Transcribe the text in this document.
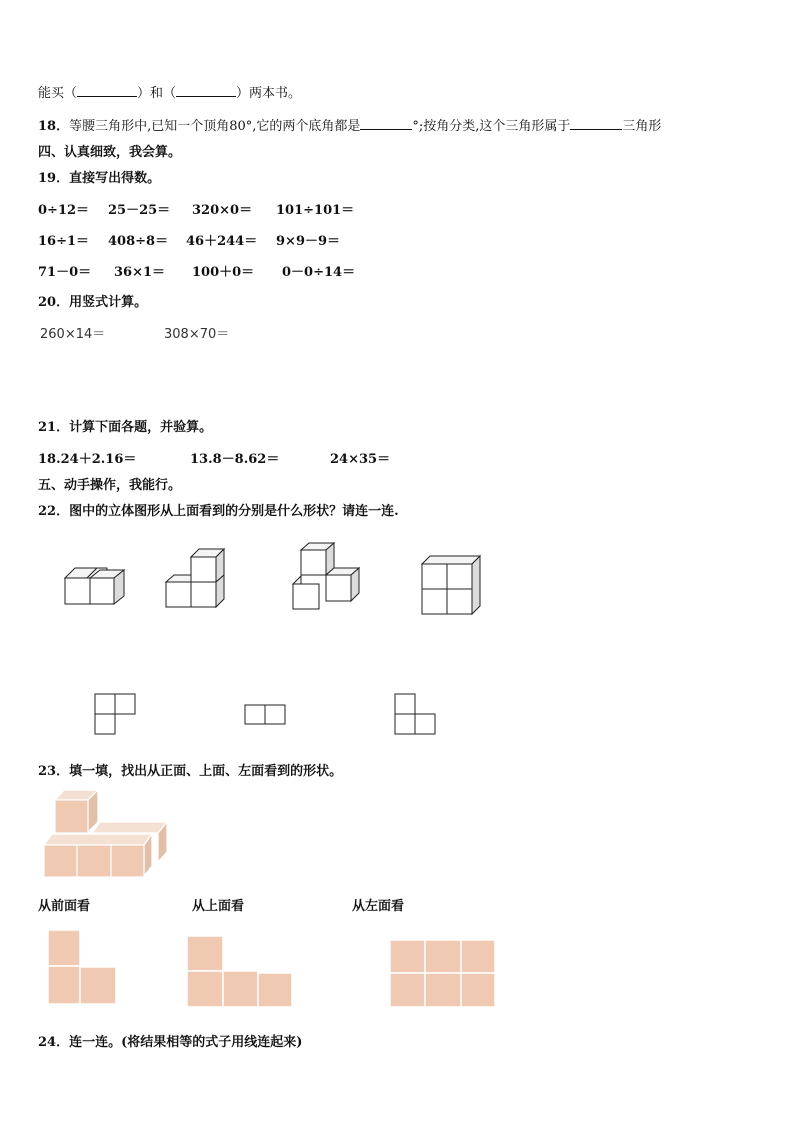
能买（	）和（	）两本书。
18．等腰三角形中,已知一个顶角80°,它的两个底角都是	°;按角分类,这个三角形属于	三角形
四、认真细致，我会算。
19．直接写出得数。
0÷12＝ 25－25＝ 320×0＝ 101÷101＝
16÷1＝ 408÷8＝ 46＋244＝ 9×9－9＝
71－0＝ 36×1＝ 100＋0＝ 0－0÷14＝
20．用竖式计算。
260×14＝	308×70＝
21．计算下面各题，并验算。
18.24＋2.16＝	13.8－8.62＝	24×35＝
五、动手操作，我能行。
22．图中的立体图形从上面看到的分别是什么形状？请连一连.
23．填一填，找出从正面、上面、左面看到的形状。
从前面看	从上面看	从左面看
24．连一连。(将结果相等的式子用线连起来)
